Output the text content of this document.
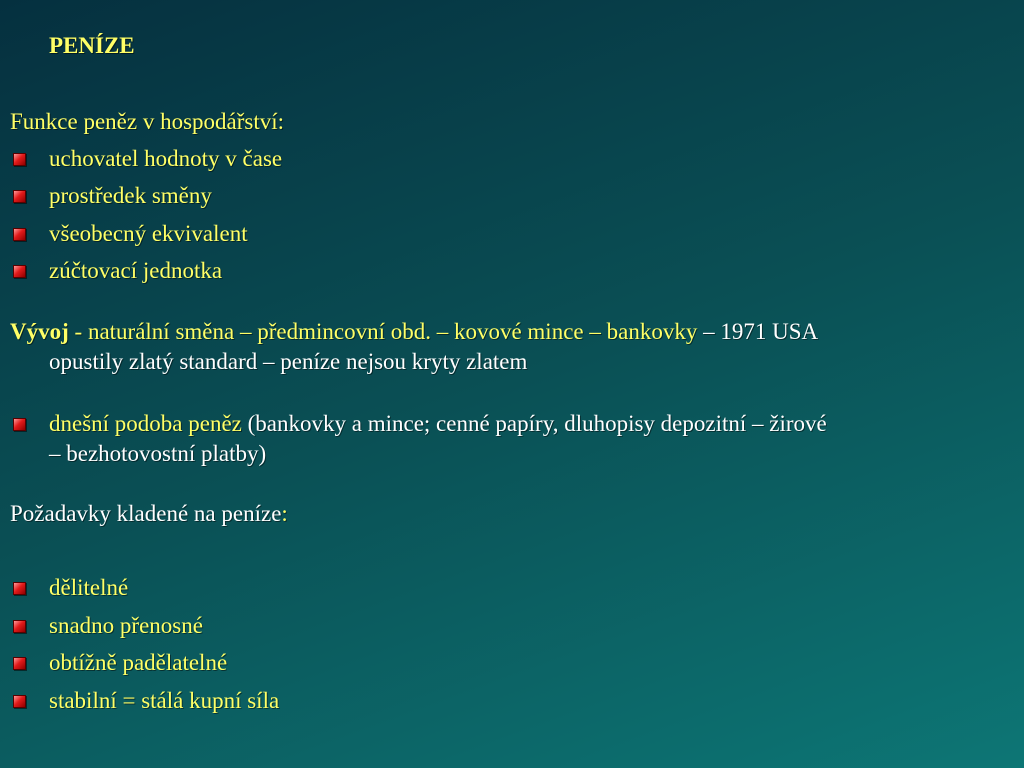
PENÍZE
Funkce peněz v hospodářství:
uchovatel hodnoty v čase
prostředek směny
všeobecný ekvivalent
zúčtovací jednotka
Vývoj - naturální směna – předmincovní obd. – kovové mince – bankovky – 1971 USA
opustily zlatý standard – peníze nejsou kryty zlatem
dnešní podoba peněz (bankovky a mince; cenné papíry, dluhopisy depozitní – žirové
– bezhotovostní platby)
Požadavky kladené na peníze:
dělitelné
snadno přenosné
obtížně padělatelné
stabilní = stálá kupní síla
